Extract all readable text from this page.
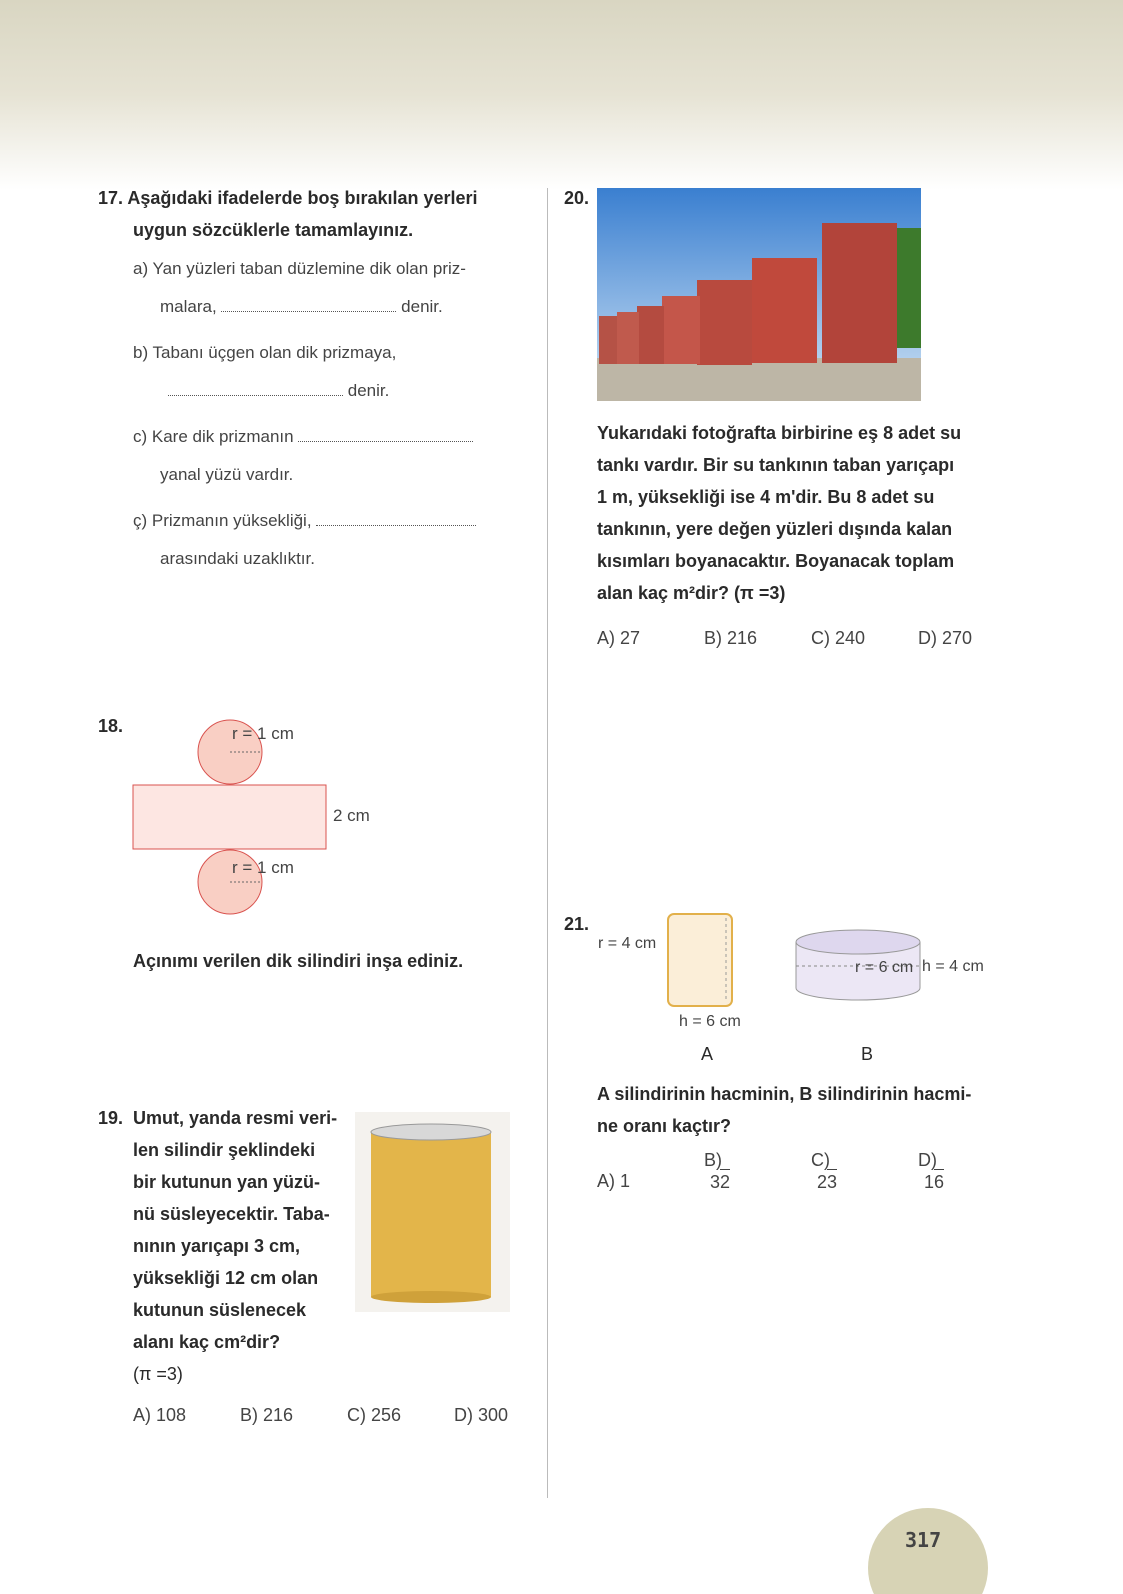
17. Aşağıdaki ifadelerde boş bırakılan yerleri
uygun sözcüklerle tamamlayınız.
a) Yan yüzleri taban düzlemine dik olan priz-
malara,	denir.
b) Tabanı üçgen olan dik prizmaya,
denir.
c) Kare dik prizmanın
yanal yüzü vardır.
ç) Prizmanın yüksekliği,
arasındaki uzaklıktır.
18.	r = 1 cm
2 cm
r = 1 cm
Açınımı verilen dik silindiri inşa ediniz.
19. Umut, yanda resmi veri-
len silindir şeklindeki
bir kutunun yan yüzü-
nü süsleyecektir. Taba-
nının yarıçapı 3 cm,
yüksekliği 12 cm olan
kutunun süslenecek
alanı kaç cm²dir?
(π =3)
A) 108	B) 216	C) 256	D) 300
20.
Yukarıdaki fotoğrafta birbirine eş 8 adet su
tankı vardır. Bir su tankının taban yarıçapı
1 m, yüksekliği ise 4 m'dir. Bu 8 adet su
tankının, yere değen yüzleri dışında kalan
kısımları boyanacaktır. Boyanacak toplam
alan kaç m²dir? (π =3)
A) 27	B) 216	C) 240	D) 270
21.
r = 4 cm
h = 6 cm
A
r = 6 cm h = 4 cm
B
A silindirinin hacminin, B silindirinin hacmi-
ne oranı kaçtır?
A) 1B)32C)23D)16
317
